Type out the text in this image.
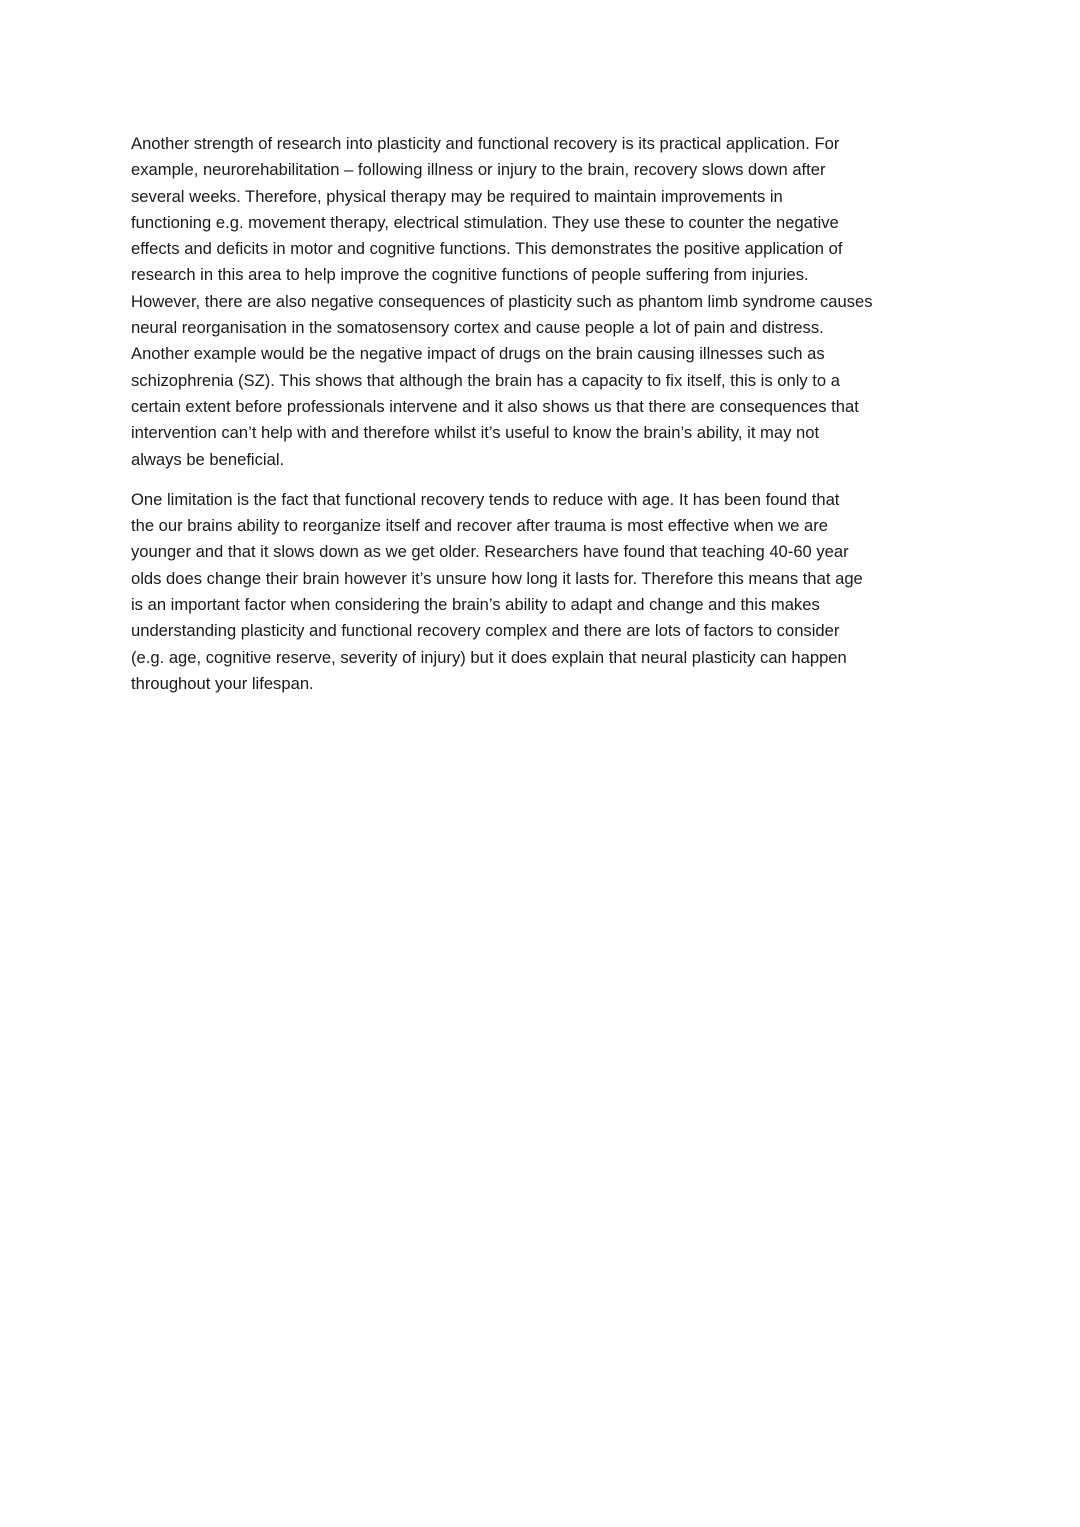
Another strength of research into plasticity and functional recovery is its practical application. For
example, neurorehabilitation – following illness or injury to the brain, recovery slows down after
several weeks. Therefore, physical therapy may be required to maintain improvements in
functioning e.g. movement therapy, electrical stimulation. They use these to counter the negative
effects and deficits in motor and cognitive functions. This demonstrates the positive application of
research in this area to help improve the cognitive functions of people suffering from injuries.
However, there are also negative consequences of plasticity such as phantom limb syndrome causes
neural reorganisation in the somatosensory cortex and cause people a lot of pain and distress.
Another example would be the negative impact of drugs on the brain causing illnesses such as
schizophrenia (SZ). This shows that although the brain has a capacity to fix itself, this is only to a
certain extent before professionals intervene and it also shows us that there are consequences that
intervention can’t help with and therefore whilst it’s useful to know the brain’s ability, it may not
always be beneficial.
One limitation is the fact that functional recovery tends to reduce with age. It has been found that
the our brains ability to reorganize itself and recover after trauma is most effective when we are
younger and that it slows down as we get older. Researchers have found that teaching 40-60 year
olds does change their brain however it’s unsure how long it lasts for. Therefore this means that age
is an important factor when considering the brain’s ability to adapt and change and this makes
understanding plasticity and functional recovery complex and there are lots of factors to consider
(e.g. age, cognitive reserve, severity of injury) but it does explain that neural plasticity can happen
throughout your lifespan.
